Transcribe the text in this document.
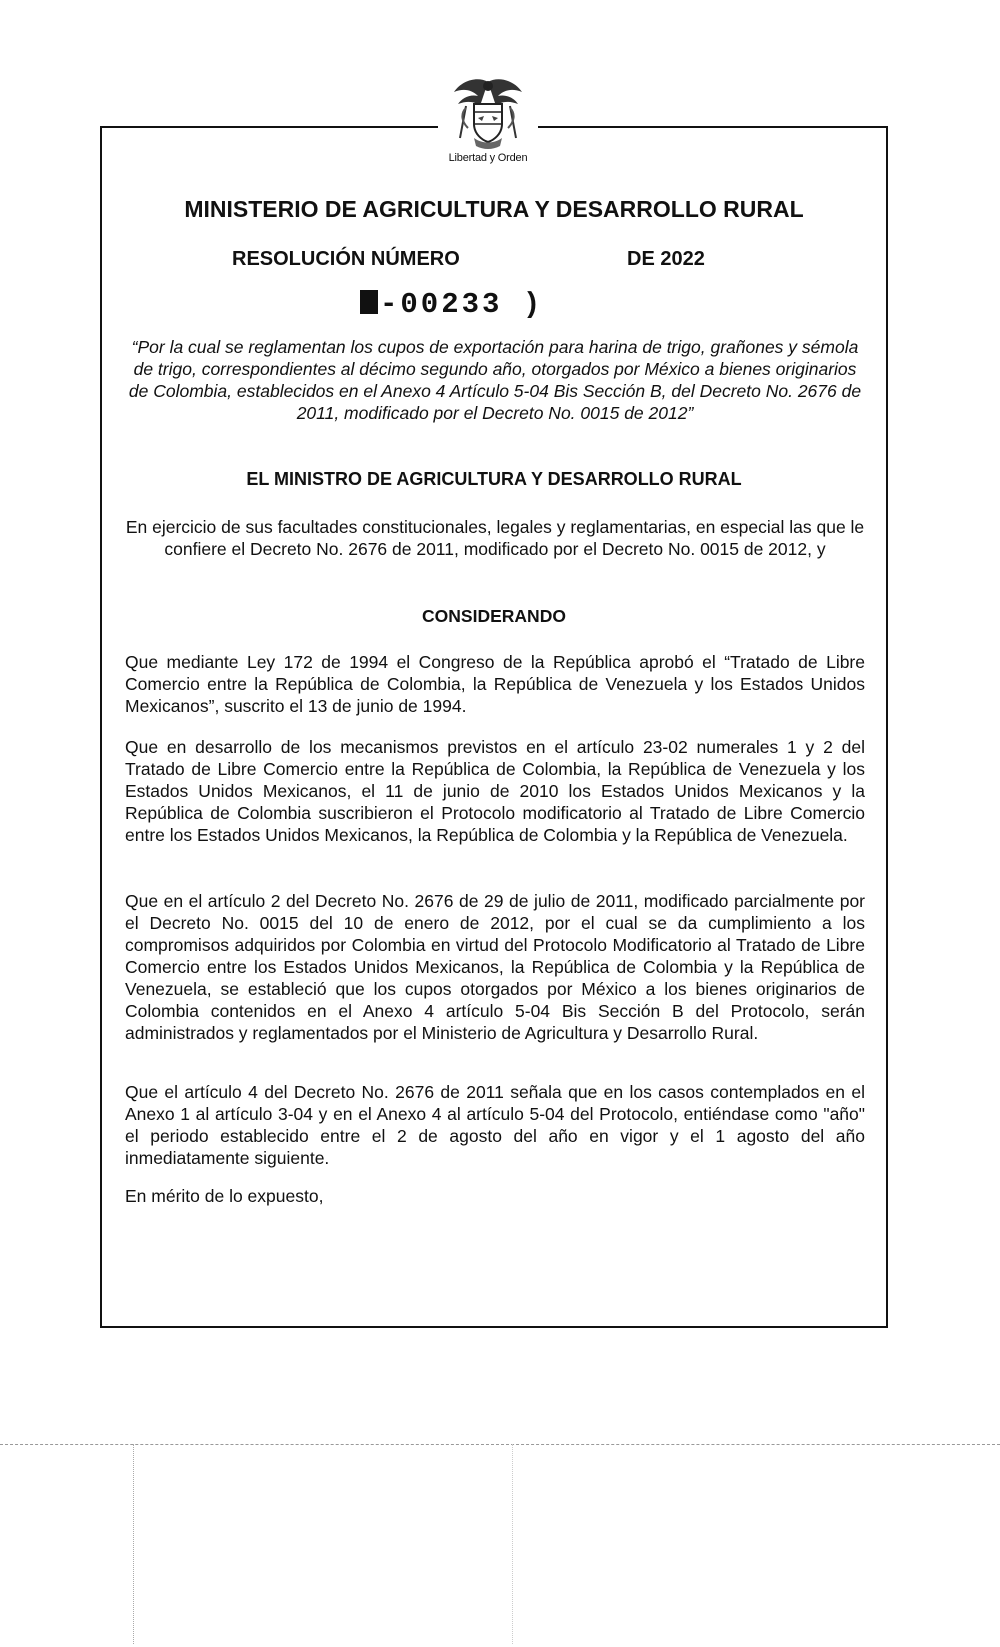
Libertad y Orden
MINISTERIO DE AGRICULTURA Y DESARROLLO RURAL
RESOLUCIÓN NÚMERO	DE 2022
-00233 )
“Por la cual se reglamentan los cupos de exportación para harina de trigo, grañones y sémola de trigo, correspondientes al décimo segundo año, otorgados por México a bienes originarios de Colombia, establecidos en el Anexo 4 Artículo 5-04 Bis Sección B, del Decreto No. 2676 de 2011, modificado por el Decreto No. 0015 de 2012”
EL MINISTRO DE AGRICULTURA Y DESARROLLO RURAL
En ejercicio de sus facultades constitucionales, legales y reglamentarias, en especial las que le confiere el Decreto No. 2676 de 2011, modificado por el Decreto No. 0015 de 2012, y
CONSIDERANDO
Que mediante Ley 172 de 1994 el Congreso de la República aprobó el “Tratado de Libre Comercio entre la República de Colombia, la República de Venezuela y los Estados Unidos Mexicanos”, suscrito el 13 de junio de 1994.
Que en desarrollo de los mecanismos previstos en el artículo 23-02 numerales 1 y 2 del Tratado de Libre Comercio entre la República de Colombia, la República de Venezuela y los Estados Unidos Mexicanos, el 11 de junio de 2010 los Estados Unidos Mexicanos y la República de Colombia suscribieron el Protocolo modificatorio al Tratado de Libre Comercio entre los Estados Unidos Mexicanos, la República de Colombia y la República de Venezuela.
Que en el artículo 2 del Decreto No. 2676 de 29 de julio de 2011, modificado parcialmente por el Decreto No. 0015 del 10 de enero de 2012, por el cual se da cumplimiento a los compromisos adquiridos por Colombia en virtud del Protocolo Modificatorio al Tratado de Libre Comercio entre los Estados Unidos Mexicanos, la República de Colombia y la República de Venezuela, se estableció que los cupos otorgados por México a los bienes originarios de Colombia contenidos en el Anexo 4 artículo 5-04 Bis Sección B del Protocolo, serán administrados y reglamentados por el Ministerio de Agricultura y Desarrollo Rural.
Que el artículo 4 del Decreto No. 2676 de 2011 señala que en los casos contemplados en el Anexo 1 al artículo 3-04 y en el Anexo 4 al artículo 5-04 del Protocolo, entiéndase como "año" el periodo establecido entre el 2 de agosto del año en vigor y el 1 agosto del año inmediatamente siguiente.
En mérito de lo expuesto,
